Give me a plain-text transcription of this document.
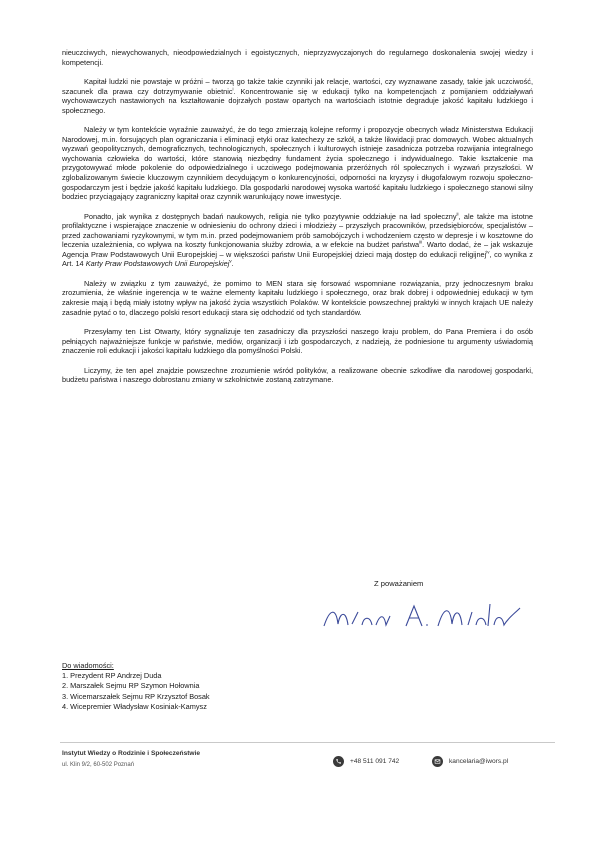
nieuczciwych, niewychowanych, nieodpowiedzialnych i egoistycznych, nieprzyzwyczajonych do regularnego doskonalenia swojej wiedzy i kompetencji.

Kapitał ludzki nie powstaje w próżni – tworzą go także takie czynniki jak relacje, wartości, czy wyznawane zasady, takie jak uczciwość, szacunek dla prawa czy dotrzymywanie obietnic$^i$. Koncentrowanie się w edukacji tylko na kompetencjach z pomijaniem oddziaływań wychowawczych nastawionych na kształtowanie dojrzałych postaw opartych na wartościach istotnie degraduje jakość kapitału ludzkiego i społecznego.

Należy w tym kontekście wyraźnie zauważyć, że do tego zmierzają kolejne reformy i propozycje obecnych władz Ministerstwa Edukacji Narodowej, m.in. forsujących plan ograniczania i eliminacji etyki oraz katechezy ze szkół, a także likwidacji prac domowych. Wobec aktualnych wyzwań geopolitycznych, demograficznych, technologicznych, społecznych i kulturowych istnieje zasadnicza potrzeba rozwijania integralnego wychowania człowieka do wartości, które stanowią niezbędny fundament życia społecznego i indywidualnego. Takie kształcenie ma przygotowywać młode pokolenie do odpowiedzialnego i uczciwego podejmowania przeróżnych ról społecznych i wyzwań przyszłości. W zglobalizowanym świecie kluczowym czynnikiem decydującym o konkurencyjności, odporności na kryzysy i długofalowym rozwoju społeczno-gospodarczym jest i będzie jakość kapitału ludzkiego. Dla gospodarki narodowej wysoka wartość kapitału ludzkiego i społecznego stanowi silny bodziec przyciągający zagraniczny kapitał oraz czynnik warunkujący nowe inwestycje.

Ponadto, jak wynika z dostępnych badań naukowych, religia nie tylko pozytywnie oddziałuje na ład społeczny$^{ii}$, ale także ma istotne profilaktyczne i wspierające znaczenie w odniesieniu do ochrony dzieci i młodzieży – przyszłych pracowników, przedsiębiorców, specjalistów – przed zachowaniami ryzykownymi, w tym m.in. przed podejmowaniem prób samobójczych i wchodzeniem często w depresje i w kosztowne do leczenia uzależnienia, co wpływa na koszty funkcjonowania służby zdrowia, a w efekcie na budżet państwa$^{iii}$. Warto dodać, że – jak wskazuje Agencja Praw Podstawowych Unii Europejskiej – w większości państw Unii Europejskiej dzieci mają dostęp do edukacji religijnej$^{iv}$, co wynika z Art. 14 Karty Praw Podstawowych Unii Europejskiej$^v$.

Należy w związku z tym zauważyć, że pomimo to MEN stara się forsować wspomniane rozwiązania, przy jednoczesnym braku zrozumienia, że właśnie ingerencja w te ważne elementy kapitału ludzkiego i społecznego, oraz brak dobrej i odpowiedniej edukacji w tym zakresie mają i będą miały istotny wpływ na jakość życia wszystkich Polaków. W kontekście powszechnej praktyki w innych krajach UE należy zasadnie pytać o to, dlaczego polski resort edukacji stara się odchodzić od tych standardów.

Przesyłamy ten List Otwarty, który sygnalizuje ten zasadniczy dla przyszłości naszego kraju problem, do Pana Premiera i do osób pełniących najważniejsze funkcje w państwie, mediów, organizacji i izb gospodarczych, z nadzieją, że podniesione tu argumenty uświadomią znaczenie roli edukacji i jakości kapitału ludzkiego dla pomyślności Polski.

Liczymy, że ten apel znajdzie powszechne zrozumienie wśród polityków, a realizowane obecnie szkodliwe dla narodowej gospodarki, budżetu państwa i naszego dobrostanu zmiany w szkolnictwie zostaną zatrzymane.

Z poważaniem
Do wiadomości:
1. Prezydent RP Andrzej Duda
2. Marszałek Sejmu RP Szymon Hołownia
3. Wicemarszałek Sejmu RP Krzysztof Bosak
4. Wicepremier Władysław Kosiniak-Kamysz
Instytut Wiedzy o Rodzinie i Społeczeństwie
ul. Klin 9/2, 60-502 Poznań	+48 511 091 742	kancelaria@iwors.pl
